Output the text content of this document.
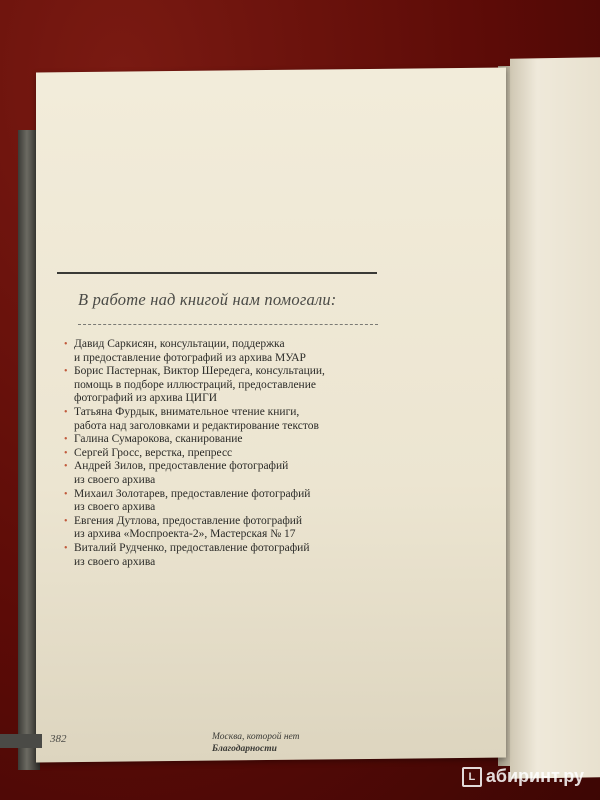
В работе над книгой нам помогали:
• Давид Саркисян, консультации, поддержка
и предоставление фотографий из архива МУАР
• Борис Пастернак, Виктор Шередега, консультации,
помощь в подборе иллюстраций, предоставление
фотографий из архива ЦИГИ
• Татьяна Фурдык, внимательное чтение книги,
работа над заголовками и редактирование текстов
• Галина Сумарокова, сканирование
• Сергей Гросс, верстка, препресс
• Андрей Зилов, предоставление фотографий
из своего архива
• Михаил Золотарев, предоставление фотографий
из своего архива
• Евгения Дутлова, предоставление фотографий
из архива «Моспроекта-2», Мастерская № 17
• Виталий Рудченко, предоставление фотографий
из своего архива
382	Москва, которой нет
Благодарности
L абиринт.ру
